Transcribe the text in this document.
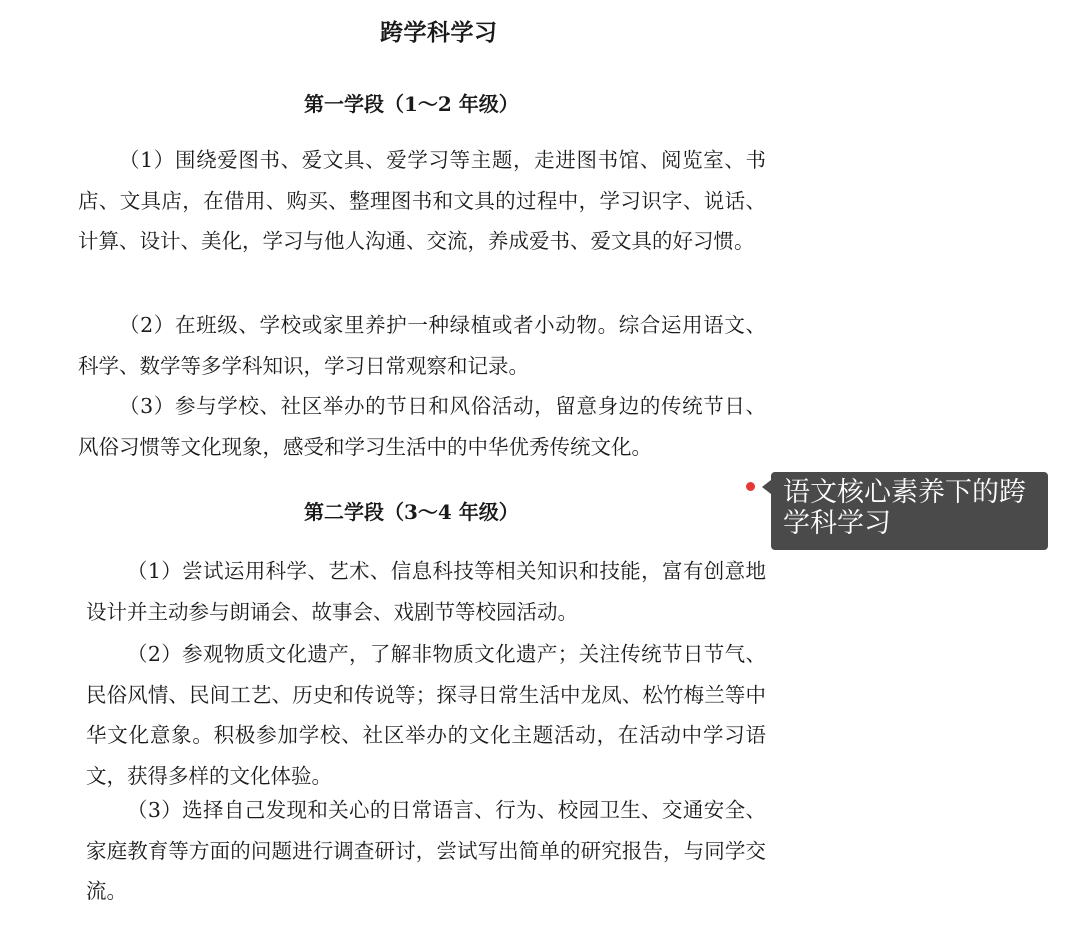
跨学科学习
第一学段（1～2 年级）

（1）围绕爱图书、爱文具、爱学习等主题，走进图书馆、阅览室、书店、文具店，在借用、购买、整理图书和文具的过程中，学习识字、说话、计算、设计、美化，学习与他人沟通、交流，养成爱书、爱文具的好习惯。

（2）在班级、学校或家里养护一种绿植或者小动物。综合运用语文、科学、数学等多学科知识，学习日常观察和记录。

（3）参与学校、社区举办的节日和风俗活动，留意身边的传统节日、风俗习惯等文化现象，感受和学习生活中的中华优秀传统文化。

第二学段（3～4 年级）

（1）尝试运用科学、艺术、信息科技等相关知识和技能，富有创意地设计并主动参与朗诵会、故事会、戏剧节等校园活动。

（2）参观物质文化遗产，了解非物质文化遗产；关注传统节日节气、民俗风情、民间工艺、历史和传说等；探寻日常生活中龙凤、松竹梅兰等中华文化意象。积极参加学校、社区举办的文化主题活动，在活动中学习语文，获得多样的文化体验。

（3）选择自己发现和关心的日常语言、行为、校园卫生、交通安全、家庭教育等方面的问题进行调查研讨，尝试写出简单的研究报告，与同学交流。

语文核心素养下的跨学科学习
